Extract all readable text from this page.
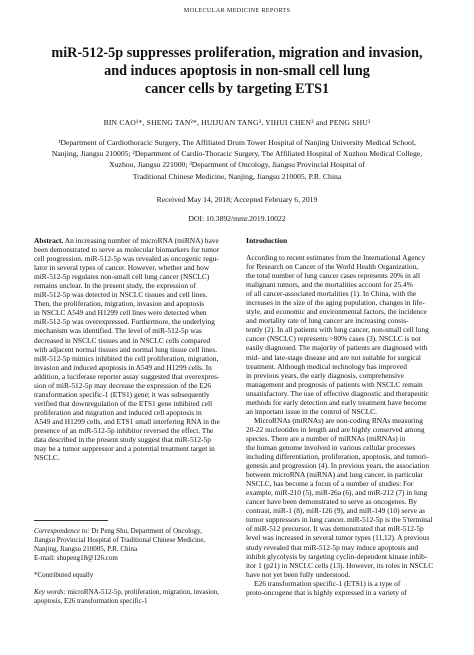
MOLECULAR MEDICINE REPORTS
miR-512-5p suppresses proliferation, migration and invasion,
and induces apoptosis in non-small cell lung
cancer cells by targeting ETS1
BIN CAO¹*, SHENG TAN²*, HUIJUAN TANG³, YIHUI CHEN³ and PENG SHU³
¹Department of Cardiothoracic Surgery, The Affiliated Drum Tower Hospital of Nanjing University Medical School,
Nanjing, Jiangsu 210005; ²Department of Cardio-Thoracic Surgery, The Affiliated Hospital of Xuzhou Medical College,
Xuzhou, Jiangsu 221000; ³Department of Oncology, Jiangsu Provincial Hospital of
Traditional Chinese Medicine, Nanjing, Jiangsu 210005, P.R. China
Received May 14, 2018; Accepted February 6, 2019
DOI: 10.3892/mmr.2019.10022
Abstract. An increasing number of microRNA (miRNA) have
been demonstrated to serve as molecular biomarkers for tumor
cell progression. miR-512-5p was revealed as oncogenic regu-
lator in several types of cancer. However, whether and how
miR-512-5p regulates non-small cell lung cancer (NSCLC)
remains unclear. In the present study, the expression of
miR-512-5p was detected in NSCLC tissues and cell lines.
Then, the proliferation, migration, invasion and apoptosis
in NSCLC A549 and H1299 cell lines were detected when
miR-512-5p was overexpressed. Furthermore, the underlying
mechanism was identified. The level of miR-512-5p was
decreased in NSCLC tissues and in NSCLC cells compared
with adjacent normal tissues and normal lung tissue cell lines.
miR-512-5p mimics inhibited the cell proliferation, migration,
invasion and induced apoptosis in A549 and H1299 cells. In
addition, a luciferase reporter assay suggested that overexpres-
sion of miR-512-5p may decrease the expression of the E26
transformation specific-1 (ETS1) gene; it was subsequently
verified that downregulation of the ETS1 gene inhibited cell
proliferation and migration and induced cell apoptosis in
A549 and H1299 cells, and ETS1 small interfering RNA in the
presence of an miR-512-5p inhibitor reversed the effect. The
data described in the present study suggest that miR-512-5p
may be a tumor suppressor and a potential treatment target in
NSCLC.
Correspondence to: Dr Peng Shu, Department of Oncology,
Jiangsu Provincial Hospital of Traditional Chinese Medicine,
Nanjing, Jiangsu 210005, P.R. China
E-mail: shupeng18@126.com
*Contributed equally
Key words: microRNA-512-5p, proliferation, migration, invasion,
apoptosis, E26 transformation specific-1
Introduction
According to recent estimates from the International Agency
for Research on Cancer of the World Health Organization,
the total number of lung cancer cases represents 20% in all
malignant tumors, and the mortalities account for 25.4%
of all cancer-associated mortalities (1). In China, with the
increases in the size of the aging population, changes in life-
style, and economic and environmental factors, the incidence
and mortality rate of lung cancer are increasing consis-
tently (2). In all patients with lung cancer, non-small cell lung
cancer (NSCLC) represents >80% cases (3). NSCLC is not
easily diagnosed. The majority of patients are diagnosed with
mid- and late-stage disease and are not suitable for surgical
treatment. Although medical technology has improved
in previous years, the early diagnosis, comprehensive
management and prognosis of patients with NSCLC remain
unsatisfactory. The use of effective diagnostic and therapeutic
methods for early detection and early treatment have become
an important issue in the control of NSCLC.
MicroRNAs (miRNAs) are non-coding RNAs measuring
20-22 nucleotides in length and are highly conserved among
species. There are a number of miRNAs (miRNAs) in
the human genome involved in various cellular processes
including differentiation, proliferation, apoptosis, and tumori-
genesis and progression (4). In previous years, the association
between microRNA (miRNA) and lung cancer, in particular
NSCLC, has become a focus of a number of studies: For
example, miR-210 (5), miR-26a (6), and miR-212 (7) in lung
cancer have been demonstrated to serve as oncogenes. By
contrast, miR-1 (8), miR-126 (9), and miR-149 (10) serve as
tumor suppressors in lung cancer. miR-512-5p is the 5'terminal
of miR-512 precursor. It was demonstrated that miR-512-5p
level was increased in several tumor types (11,12). A previous
study revealed that miR-512-5p may induce apoptosis and
inhibit glycolysis by targeting cyclin-dependent kinase inhib-
itor 1 (p21) in NSCLC cells (13). However, its roles in NSCLC
have not yet been fully understood.
E26 transformation specific-1 (ETS1) is a type of
proto-oncogene that is highly expressed in a variety of
